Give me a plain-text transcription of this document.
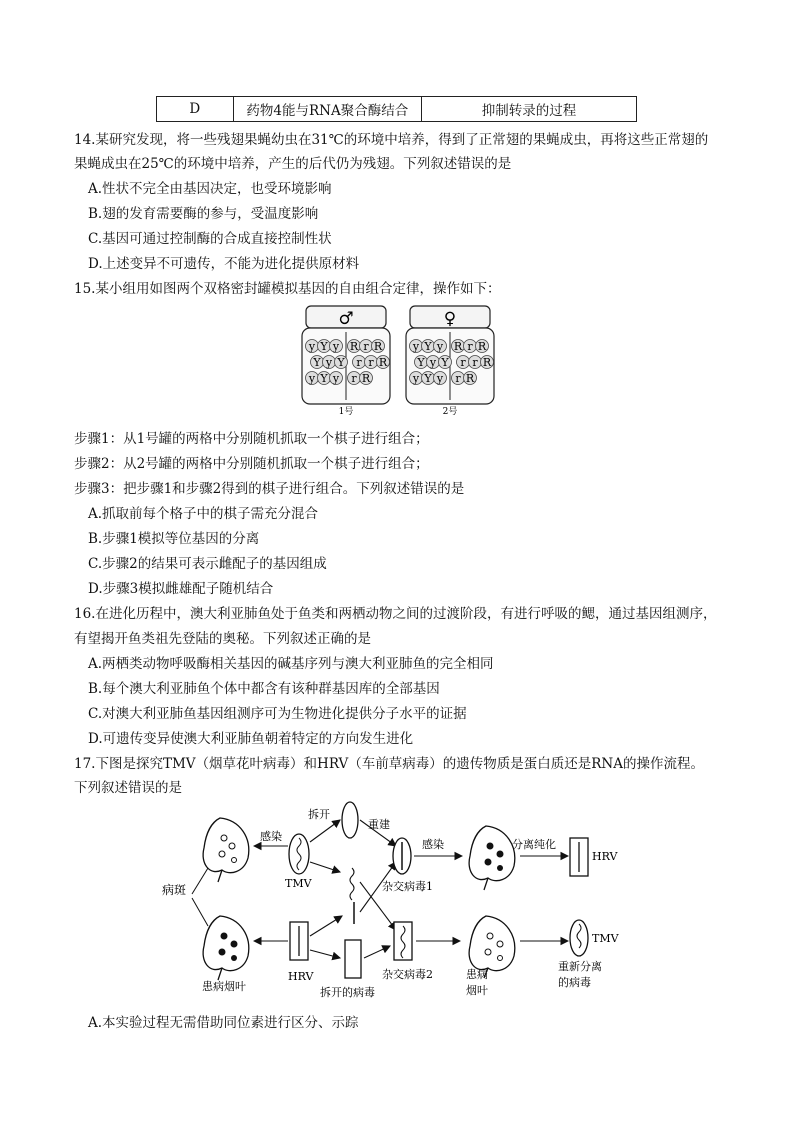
D	药物4能与RNA聚合酶结合	抑制转录的过程
14.某研究发现，将一些残翅果蝇幼虫在31℃的环境中培养，得到了正常翅的果蝇成虫，再将这些正常翅的
果蝇成虫在25℃的环境中培养，产生的后代仍为残翅。下列叙述错误的是
A.性状不完全由基因决定，也受环境影响
B.翅的发育需要酶的参与，受温度影响
C.基因可通过控制酶的合成直接控制性状
D.上述变异不可遗传，不能为进化提供原材料
15.某小组用如图两个双格密封罐模拟基因的自由组合定律，操作如下：
♂
y Y y
Y y Y
y Y y
R r R
r r R
r R
1号
♀
y Y y
Y y Y
y Y y
R r R
r r R
r R
2号
步骤1：从1号罐的两格中分别随机抓取一个棋子进行组合；
步骤2：从2号罐的两格中分别随机抓取一个棋子进行组合；
步骤3：把步骤1和步骤2得到的棋子进行组合。下列叙述错误的是
A.抓取前每个格子中的棋子需充分混合
B.步骤1模拟等位基因的分离
C.步骤2的结果可表示雌配子的基因组成
D.步骤3模拟雌雄配子随机结合
16.在进化历程中，澳大利亚肺鱼处于鱼类和两栖动物之间的过渡阶段，有进行呼吸的鳃，通过基因组测序，
有望揭开鱼类祖先登陆的奥秘。下列叙述正确的是
A.两栖类动物呼吸酶相关基因的碱基序列与澳大利亚肺鱼的完全相同
B.每个澳大利亚肺鱼个体中都含有该种群基因库的全部基因
C.对澳大利亚肺鱼基因组测序可为生物进化提供分子水平的证据
D.可遗传变异使澳大利亚肺鱼朝着特定的方向发生进化
17.下图是探究TMV（烟草花叶病毒）和HRV（车前草病毒）的遗传物质是蛋白质还是RNA的操作流程。
下列叙述错误的是
病斑	TMV
感染
HRV
拆开
拆开的病毒
重建
杂交病毒1
杂交病毒2
感染
患病
烟叶
患病烟叶
分离纯化
HRV
TMV
重新分离
的病毒
A.本实验过程无需借助同位素进行区分、示踪
